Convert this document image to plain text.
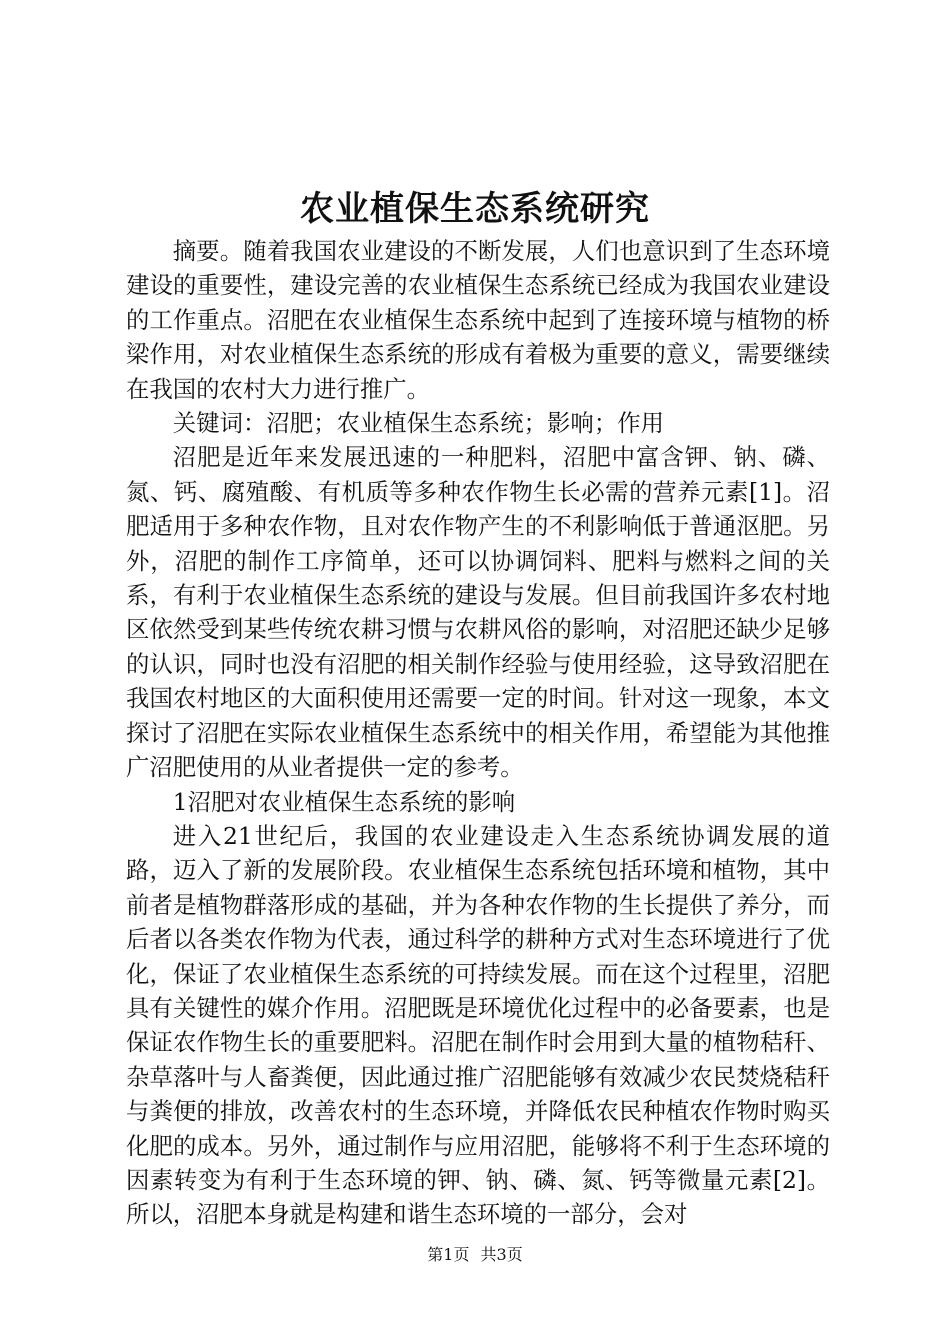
农业植保生态系统研究

摘要。随着我国农业建设的不断发展，人们也意识到了生态环境建设的重要性，建设完善的农业植保生态系统已经成为我国农业建设的工作重点。沼肥在农业植保生态系统中起到了连接环境与植物的桥梁作用，对农业植保生态系统的形成有着极为重要的意义，需要继续在我国的农村大力进行推广。

关键词：沼肥；农业植保生态系统；影响；作用

沼肥是近年来发展迅速的一种肥料，沼肥中富含钾、钠、磷、氮、钙、腐殖酸、有机质等多种农作物生长必需的营养元素[1]。沼肥适用于多种农作物，且对农作物产生的不利影响低于普通沤肥。另外，沼肥的制作工序简单，还可以协调饲料、肥料与燃料之间的关系，有利于农业植保生态系统的建设与发展。但目前我国许多农村地区依然受到某些传统农耕习惯与农耕风俗的影响，对沼肥还缺少足够的认识，同时也没有沼肥的相关制作经验与使用经验，这导致沼肥在我国农村地区的大面积使用还需要一定的时间。针对这一现象，本文探讨了沼肥在实际农业植保生态系统中的相关作用，希望能为其他推广沼肥使用的从业者提供一定的参考。

1沼肥对农业植保生态系统的影响

进入21世纪后，我国的农业建设走入生态系统协调发展的道路，迈入了新的发展阶段。农业植保生态系统包括环境和植物，其中前者是植物群落形成的基础，并为各种农作物的生长提供了养分，而后者以各类农作物为代表，通过科学的耕种方式对生态环境进行了优化，保证了农业植保生态系统的可持续发展。而在这个过程里，沼肥具有关键性的媒介作用。沼肥既是环境优化过程中的必备要素，也是保证农作物生长的重要肥料。沼肥在制作时会用到大量的植物秸秆、杂草落叶与人畜粪便，因此通过推广沼肥能够有效减少农民焚烧秸秆与粪便的排放，改善农村的生态环境，并降低农民种植农作物时购买化肥的成本。另外，通过制作与应用沼肥，能够将不利于生态环境的因素转变为有利于生态环境的钾、钠、磷、氮、钙等微量元素[2]。所以，沼肥本身就是构建和谐生态环境的一部分，会对

第1页 共3页
